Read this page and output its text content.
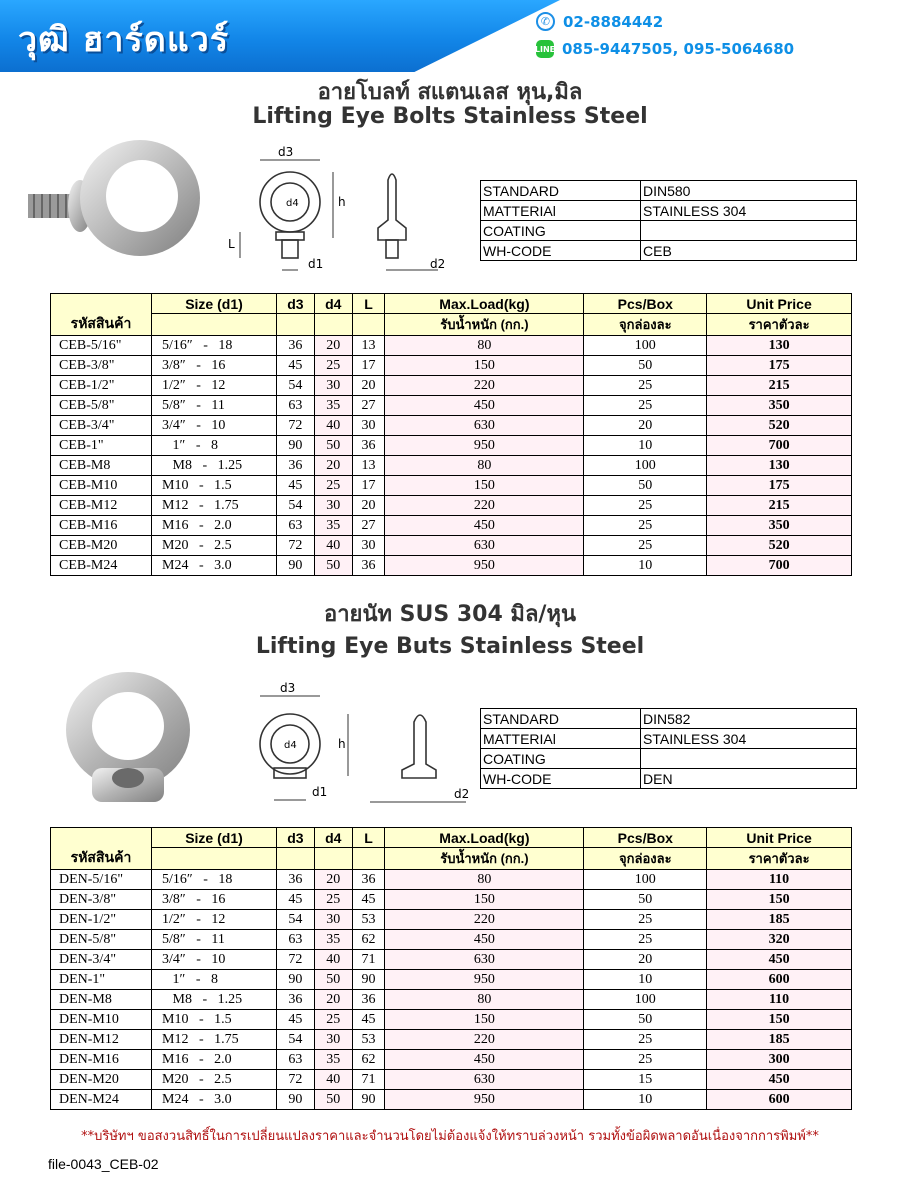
วุฒิ ฮาร์ดแวร์	✆ 02-8884442
LINE 085-9447505, 095-5064680
อายโบลท์ สแตนเลส หุน,มิล
Lifting Eye Bolts Stainless Steel
d3
d4	h
L
d1	d2
STANDARD	DIN580
MATTERIAl	STAINLESS 304
COATING	
WH-CODE	CEB
รหัสสินค้า	Size (d1)	d3	d4	L	Max.Load(kg)	Pcs/Box	Unit Price
					รับน้ำหนัก (กก.)	จุกล่องละ	ราคาตัวละ
CEB-5/16"	5/16″   -   18	36	20	13	80	100	130
CEB-3/8"	3/8″   -   16	45	25	17	150	50	175
CEB-1/2"	1/2″   -   12	54	30	20	220	25	215
CEB-5/8"	5/8″   -   11	63	35	27	450	25	350
CEB-3/4"	3/4″   -   10	72	40	30	630	20	520
CEB-1"	1″   -   8	90	50	36	950	10	700
CEB-M8	M8   -   1.25	36	20	13	80	100	130
CEB-M10	M10   -   1.5	45	25	17	150	50	175
CEB-M12	M12   -   1.75	54	30	20	220	25	215
CEB-M16	M16   -   2.0	63	35	27	450	25	350
CEB-M20	M20   -   2.5	72	40	30	630	25	520
CEB-M24	M24   -   3.0	90	50	36	950	10	700
อายนัท SUS 304 มิล/หุน
Lifting Eye Buts Stainless Steel
d3
d4	h
d1	d2
STANDARD	DIN582
MATTERIAl	STAINLESS 304
COATING	
WH-CODE	DEN
รหัสสินค้า	Size (d1)	d3	d4	L	Max.Load(kg)	Pcs/Box	Unit Price
					รับน้ำหนัก (กก.)	จุกล่องละ	ราคาตัวละ
DEN-5/16"	5/16″   -   18	36	20	36	80	100	110
DEN-3/8"	3/8″   -   16	45	25	45	150	50	150
DEN-1/2"	1/2″   -   12	54	30	53	220	25	185
DEN-5/8"	5/8″   -   11	63	35	62	450	25	320
DEN-3/4"	3/4″   -   10	72	40	71	630	20	450
DEN-1"	1″   -   8	90	50	90	950	10	600
DEN-M8	M8   -   1.25	36	20	36	80	100	110
DEN-M10	M10   -   1.5	45	25	45	150	50	150
DEN-M12	M12   -   1.75	54	30	53	220	25	185
DEN-M16	M16   -   2.0	63	35	62	450	25	300
DEN-M20	M20   -   2.5	72	40	71	630	15	450
DEN-M24	M24   -   3.0	90	50	90	950	10	600
**บริษัทฯ ขอสงวนสิทธิ์ในการเปลี่ยนแปลงราคาและจำนวนโดยไม่ต้องแจ้งให้ทราบล่วงหน้า รวมทั้งข้อผิดพลาดอันเนื่องจากการพิมพ์**
file-0043_CEB-02
